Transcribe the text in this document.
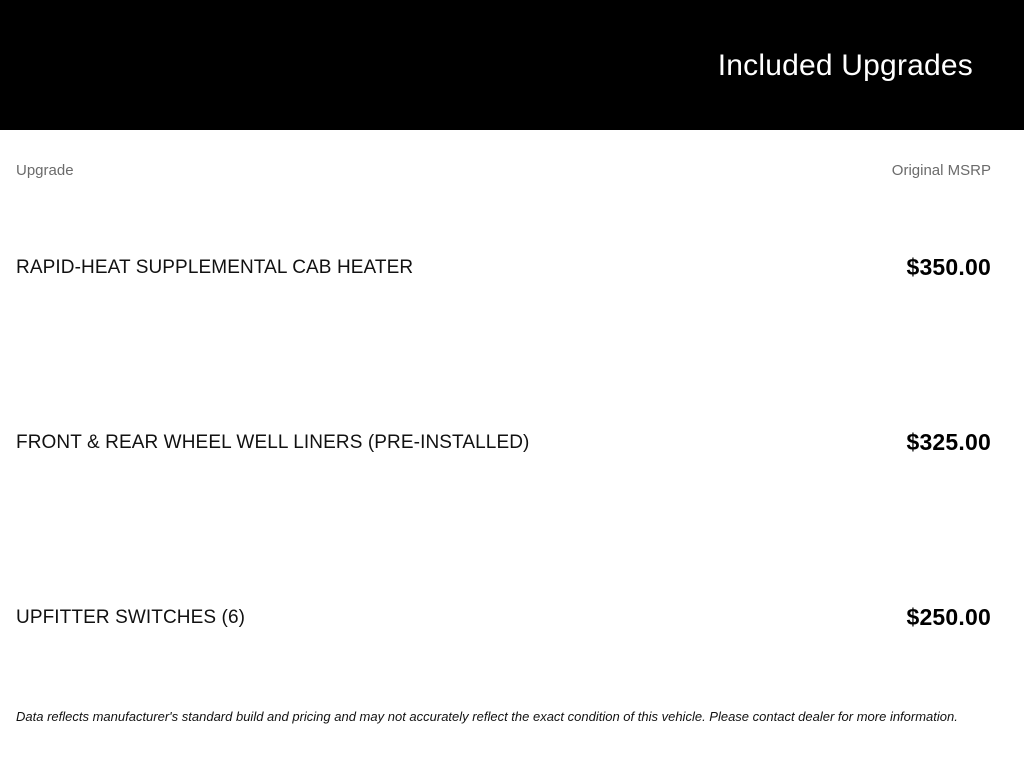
Included Upgrades
Upgrade	Original MSRP
RAPID-HEAT SUPPLEMENTAL CAB HEATER	$350.00
FRONT & REAR WHEEL WELL LINERS (PRE-INSTALLED)	$325.00
UPFITTER SWITCHES (6)	$250.00
Data reflects manufacturer's standard build and pricing and may not accurately reflect the exact condition of this vehicle. Please contact dealer for more information.
